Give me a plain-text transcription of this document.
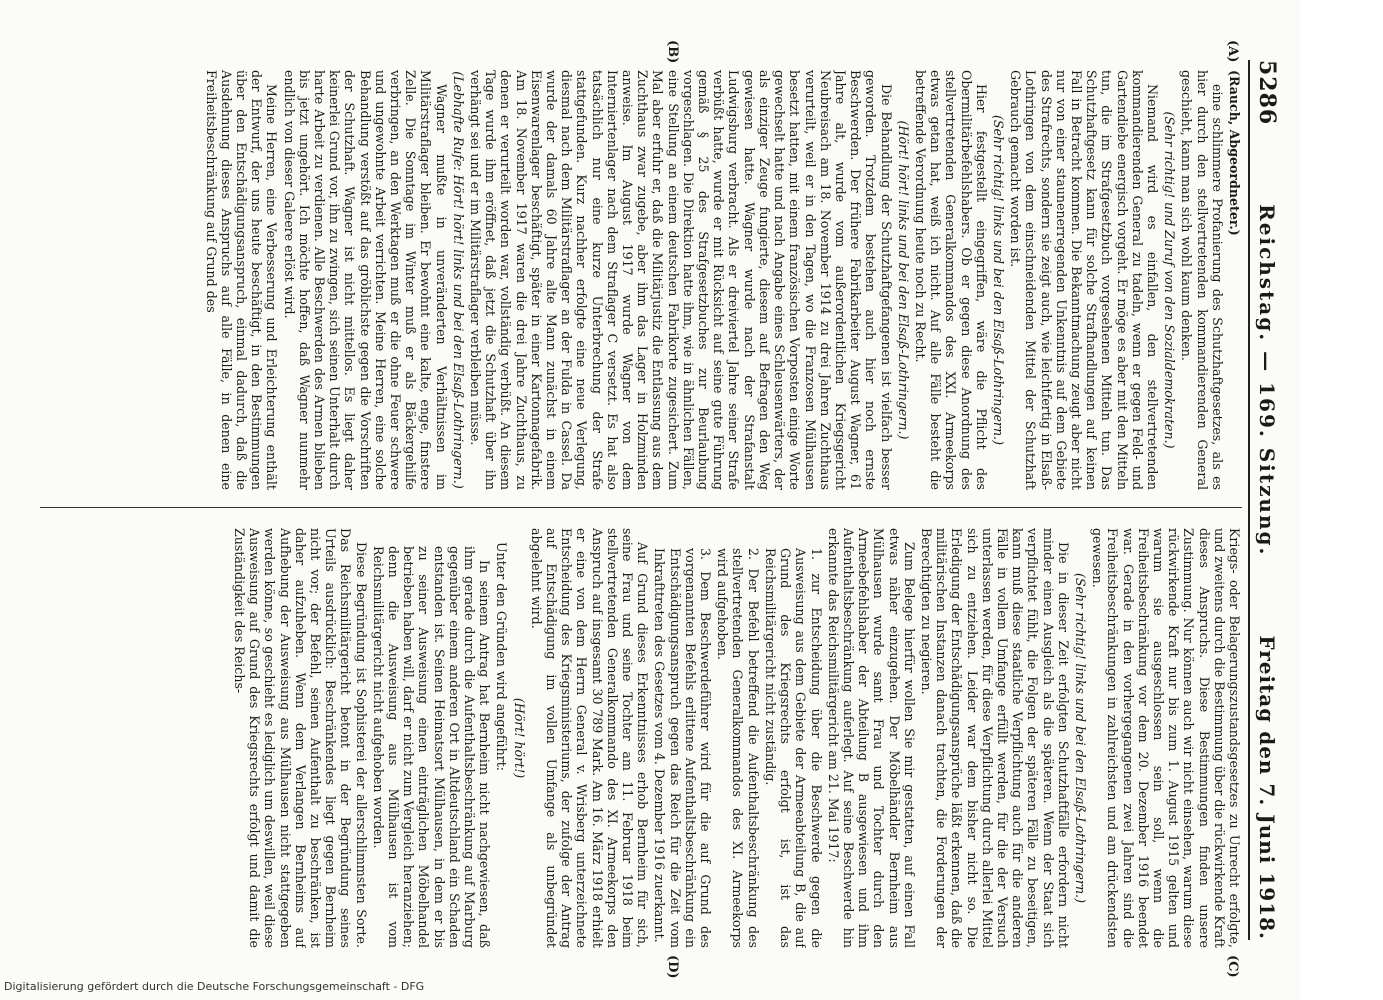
5286
Reichstag. — 169. Sitzung.
Freitag den 7. Juni 1918.
(A)
(B)
(C)
(D)

(Rauch, Abgeordneter.)

eine schlimmere Profanierung des Schutzhaftgesetzes, als es hier durch den stellvertretenden kommandierenden General geschieht, kann man sich wohl kaum denken.

(Sehr richtig! und Zuruf von den Sozialdemokraten.)

Niemand wird es einfallen, den stellvertretenden kommandierenden General zu tadeln, wenn er gegen Feld- und Gartendiebe energisch vorgeht. Er möge es aber mit den Mitteln tun, die im Strafgesetzbuch vorgesehenen Mitteln tun. Das Schutzhaftgesetz kann für solche Strafhandlungen auf keinen Fall in Betracht kommen. Die Bekanntmachung zeugt aber nicht nur von einer staunenerregenden Unkenntnis auf dem Gebiete des Strafrechts, sondern sie zeigt auch, wie leichtfertig in Elsaß-Lothringen von dem einschneidenden Mittel der Schutzhaft Gebrauch gemacht worden ist.

(Sehr richtig! links und bei den Elsaß-Lothringern.)

Hier festgestellt eingegriffen, wäre die Pflicht des Obermilitärbefehlshabers. Ob er gegen diese Anordnung des stellvertretenden Generalkommandos des XXI. Armeekorps etwas getan hat, weiß ich nicht. Auf alle Fälle besteht die betreffende Verordnung heute noch zu Recht.

(Hört! hört! links und bei den Elsaß-Lothringern.)

Die Behandlung der Schutzhaftgefangenen ist vielfach besser geworden. Trotzdem bestehen auch hier noch ernste Beschwerden. Der frühere Fabrikarbeiter August Wagner, 61 Jahre alt, wurde vom außerordentlichen Kriegsgericht Neubreisach am 18. November 1914 zu drei Jahren Zuchthaus verurteilt, weil er in den Tagen, wo die Franzosen Mülhausen besetzt hatten, mit einem französischen Vorposten einige Worte gewechselt hatte und nach Angabe eines Schleusenwärters, der als einziger Zeuge fungierte, diesem auf Befragen den Weg gewiesen hatte. Wagner wurde nach der Strafanstalt Ludwigsburg verbracht. Als er dreiviertel Jahre seiner Strafe verbüßt hatte, wurde er mit Rücksicht auf seine gute Führung gemäß § 25 des Strafgesetzbuches zur Beurlaubung vorgeschlagen. Die Direktion hatte ihm, wie in ähnlichen Fällen, eine Stellung an einem deutschen Fabrikorte zugesichert. Zum Mal aber erfuhr er, daß die Militärjustiz die Entlassung aus dem Zuchthaus zwar zugebe, aber ihm das Lager in Holzminden anweise. Im August 1917 wurde Wagner von dem Interniertenlager nach dem Straflager C versetzt. Es hat also tatsächlich nur eine kurze Unterbrechung der Strafe stattgefunden. Kurz nachher erfolgte eine neue Verlegung, diesmal nach dem Militärstraflager an der Fulda in Cassel. Da wurde der damals 60 Jahre alte Mann zunächst in einem Eisenwarenlager beschäftigt, später in einer Kartonnagefabrik. Am 18. November 1917 waren die drei Jahre Zuchthaus, zu denen er verurteilt worden war, vollständig verbüßt. An diesem Tage wurde ihm eröffnet, daß jetzt die Schutzhaft über ihn verhängt sei und er im Militärstraflager verbleiben müsse.

(Lebhafte Rufe: Hört! hört! links und bei den Elsaß-Lothringern.)

Wagner mußte in unveränderten Verhältnissen im Militärstraflager bleiben. Er bewohnt eine kalte, enge, finstere Zelle. Die Sonntage im Winter muß er als Bäckergehilfe verbringen, an den Werktagen muß er die ohne Feuer schwere und ungewohnte Arbeit verrichten. Meine Herren, eine solche Behandlung verstößt auf das gröblichste gegen die Vorschriften der Schutzhaft. Wagner ist nicht mittellos. Es liegt daher keinerlei Grund vor, ihn zu zwingen, sich seinen Unterhalt durch harte Arbeit zu verdienen. Alle Beschwerden des Armen blieben bis jetzt ungehört. Ich möchte hoffen, daß Wagner nunmehr endlich von dieser Galeere erlöst wird.

Meine Herren, eine Verbesserung und Erleichterung enthält der Entwurf, der uns heute beschäftigt, in den Bestimmungen über den Entschädigungsanspruch, einmal dadurch, daß die Ausdehnung dieses Anspruchs auf alle Fälle, in denen eine Freiheitsbeschränkung auf Grund des

Kriegs- oder Belagerungszustandsgesetzes zu Unrecht erfolgte, und zweitens durch die Bestimmung über die rückwirkende Kraft dieses Anspruchs. Diese Bestimmungen finden unsere Zustimmung. Nur können auch wir nicht einsehen, warum diese rückwirkende Kraft nur bis zum 1. August 1915 gelten und warum sie ausgeschlossen sein soll, wenn die Freiheitsbeschränkung vor dem 20. Dezember 1916 beendet war. Gerade in den vorhergegangenen zwei Jahren sind die Freiheitsbeschränkungen in zahlreichsten und am drückendsten gewesen.

(Sehr richtig! links und bei den Elsaß-Lothringern.)

Die in dieser Zeit erfolgten Schutzhaftfälle erfordern nicht minder einen Ausgleich als die späteren. Wenn der Staat sich verpflichtet fühlt, die Folgen der späteren Fälle zu beseitigen, kann muß diese staatliche Verpflichtung auch für die anderen Fälle in vollem Umfange erfüllt werden, für die der Versuch unterlassen werden, für diese Verpflichtung durch allerlei Mittel sich zu entziehen. Leider war dem bisher nicht so. Die Erledigung der Entschädigungsansprüche läßt erkennen, daß die militärischen Instanzen danach trachten, die Forderungen der Berechtigten zu negieren.

Zum Belege hierfür wollen Sie mir gestatten, auf einen Fall etwas näher einzugehen. Der Möbelhändler Bernheim aus Mülhausen wurde samt Frau und Tochter durch den Armeebefehlshaber der Abteilung B ausgewiesen und ihm Aufenthaltsbeschränkung auferlegt. Auf seine Beschwerde hin erkannte das Reichsmilitärgericht am 21. Mai 1917:

1. zur Entscheidung über die Beschwerde gegen die Ausweisung aus dem Gebiete der Armeeabteilung B, die auf Grund des Kriegsrechts erfolgt ist, ist das Reichsmilitärgericht nicht zuständig.
2. Der Befehl betreffend die Aufenthaltsbeschränkung des stellvertretenden Generalkommandos des XI. Armeekorps wird aufgehoben.
3. Dem Beschwerdeführer wird für die auf Grund des vorgenannten Befehls erlittene Aufenthaltsbeschränkung ein Entschädigungsanspruch gegen das Reich für die Zeit vom Inkrafttreten des Gesetzes vom 4. Dezember 1916 zuerkannt.

Auf Grund dieses Erkenntnisses erhob Bernheim für sich, seine Frau und seine Tochter am 11. Februar 1918 beim stellvertretenden Generalkommando des XI. Armeekorps den Anspruch auf insgesamt 30 789 Mark. Am 16. März 1918 erhielt er eine von dem Herrn General v. Wrisberg unterzeichnete Entscheidung des Kriegsministeriums, der zufolge der Antrag auf Entschädigung im vollen Umfange als unbegründet abgelehnt wird.

(Hört! hört!)

Unter den Gründen wird angeführt:

In seinem Antrag hat Bernheim nicht nachgewiesen, daß ihm gerade durch die Aufenthaltsbeschränkung auf Marburg gegenüber einem anderen Ort in Altdeutschland ein Schaden entstanden ist. Seinen Heimatsort Mülhausen, in dem er bis zu seiner Ausweisung einen einträglichen Möbelhandel betrieben haben will, darf er nicht zum Vergleich heranziehen; denn die Ausweisung aus Mülhausen ist vom Reichsmilitärgericht nicht aufgehoben worden.

Diese Begründung ist Sophisterei der allerschlimmsten Sorte. Das Reichsmilitärgericht betont in der Begründung seines Urteils ausdrücklich: Beschränkendes liegt gegen Bernheim nicht vor; der Befehl, seinen Aufenthalt zu beschränken, ist daher aufzuheben. Wenn dem Verlangen Bernheims auf Aufhebung der Ausweisung aus Mülhausen nicht stattgegeben werden könne, so geschieht es lediglich um deswillen, weil diese Ausweisung auf Grund des Kriegsrechts erfolgt und damit die Zuständigkeit des Reichs-

Digitalisierung gefördert durch die Deutsche Forschungsgemeinschaft - DFG
